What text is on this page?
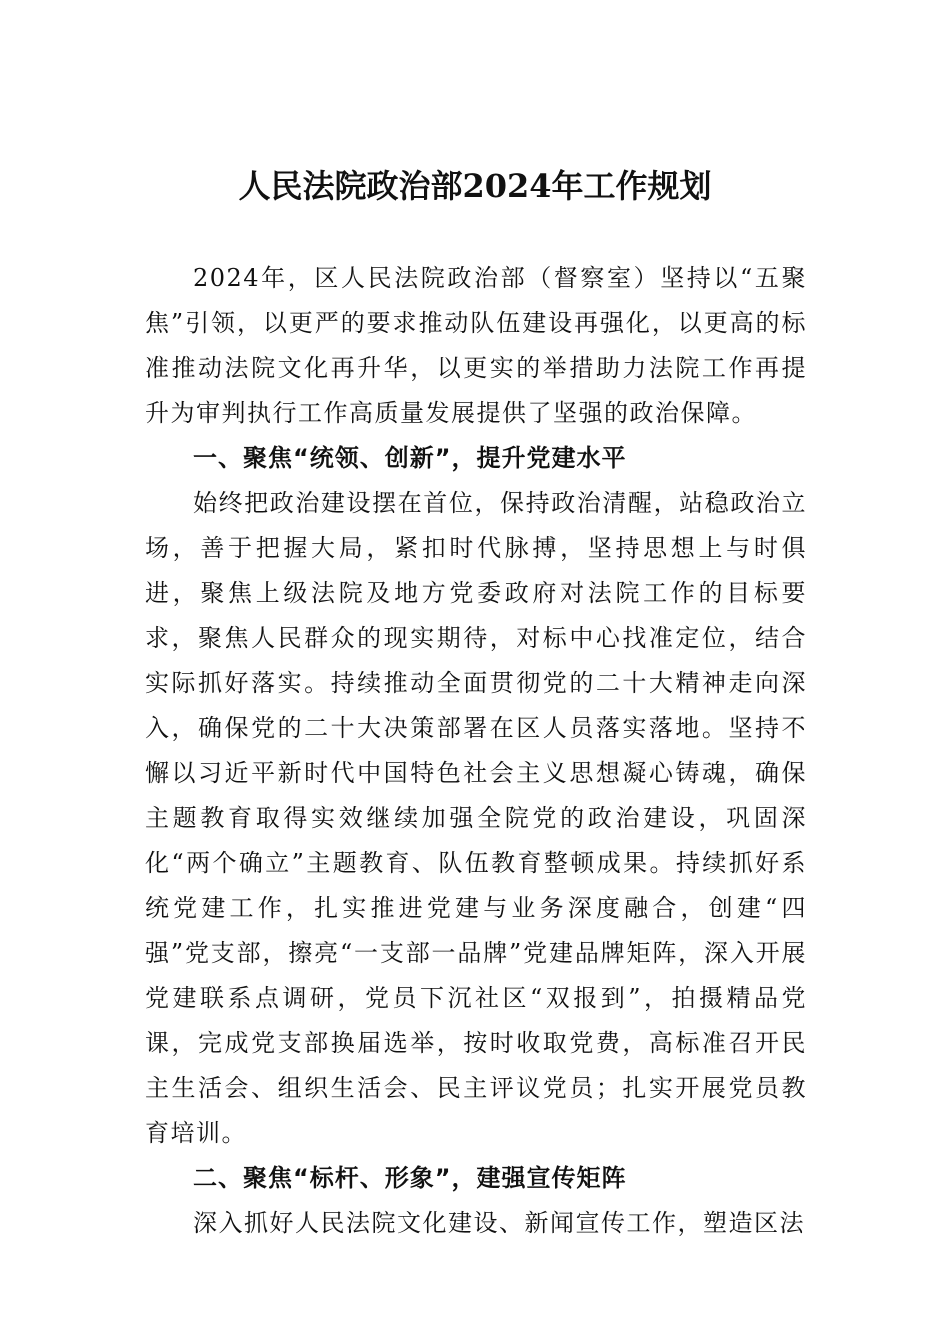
人民法院政治部2024年工作规划

2024年，区人民法院政治部（督察室）坚持以“五聚焦”引领，以更严的要求推动队伍建设再强化，以更高的标准推动法院文化再升华，以更实的举措助力法院工作再提升为审判执行工作高质量发展提供了坚强的政治保障。

一、聚焦“统领、创新”，提升党建水平

始终把政治建设摆在首位，保持政治清醒，站稳政治立场，善于把握大局，紧扣时代脉搏，坚持思想上与时俱进，聚焦上级法院及地方党委政府对法院工作的目标要求，聚焦人民群众的现实期待，对标中心找准定位，结合实际抓好落实。持续推动全面贯彻党的二十大精神走向深入，确保党的二十大决策部署在区人员落实落地。坚持不懈以习近平新时代中国特色社会主义思想凝心铸魂，确保主题教育取得实效继续加强全院党的政治建设，巩固深化“两个确立”主题教育、队伍教育整顿成果。持续抓好系统党建工作，扎实推进党建与业务深度融合，创建“四强”党支部，擦亮“一支部一品牌”党建品牌矩阵，深入开展党建联系点调研，党员下沉社区“双报到”，拍摄精品党课，完成党支部换届选举，按时收取党费，高标准召开民主生活会、组织生活会、民主评议党员；扎实开展党员教育培训。

二、聚焦“标杆、形象”，建强宣传矩阵

深入抓好人民法院文化建设、新闻宣传工作，塑造区法
